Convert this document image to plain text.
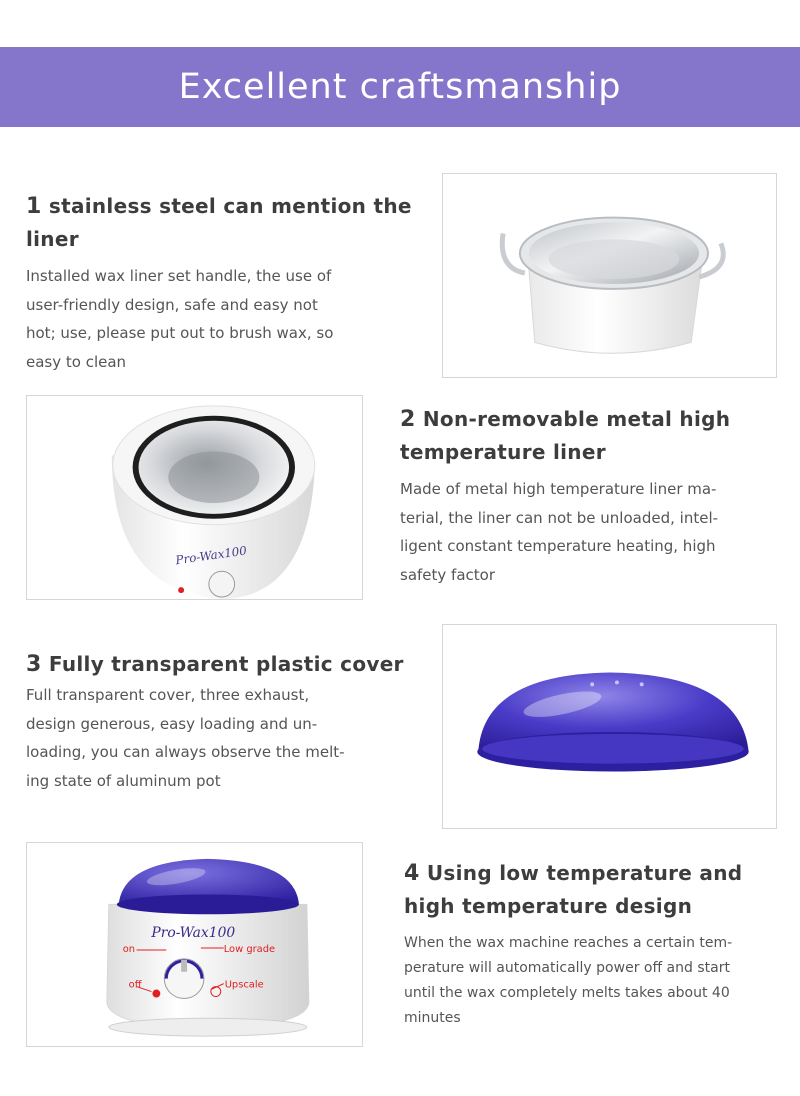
Excellent craftsmanship
1 stainless steel can mention the liner
Installed wax liner set handle, the use of
user-friendly design, safe and easy not
hot; use, please put out to brush wax, so
easy to clean
Pro-Wax100
2 Non-removable metal high
temperature liner
Made of metal high temperature liner ma-
terial, the liner can not be unloaded, intel-
ligent constant temperature heating, high
safety factor
3 Fully transparent plastic cover
Full transparent cover, three exhaust,
design generous, easy loading and un-
loading, you can always observe the melt-
ing state of aluminum pot
Pro-Wax100
on	Low grade
off	Upscale
4 Using low temperature and
high temperature design
When the wax machine reaches a certain tem-
perature will automatically power off and start
until the wax completely melts takes about 40
minutes
